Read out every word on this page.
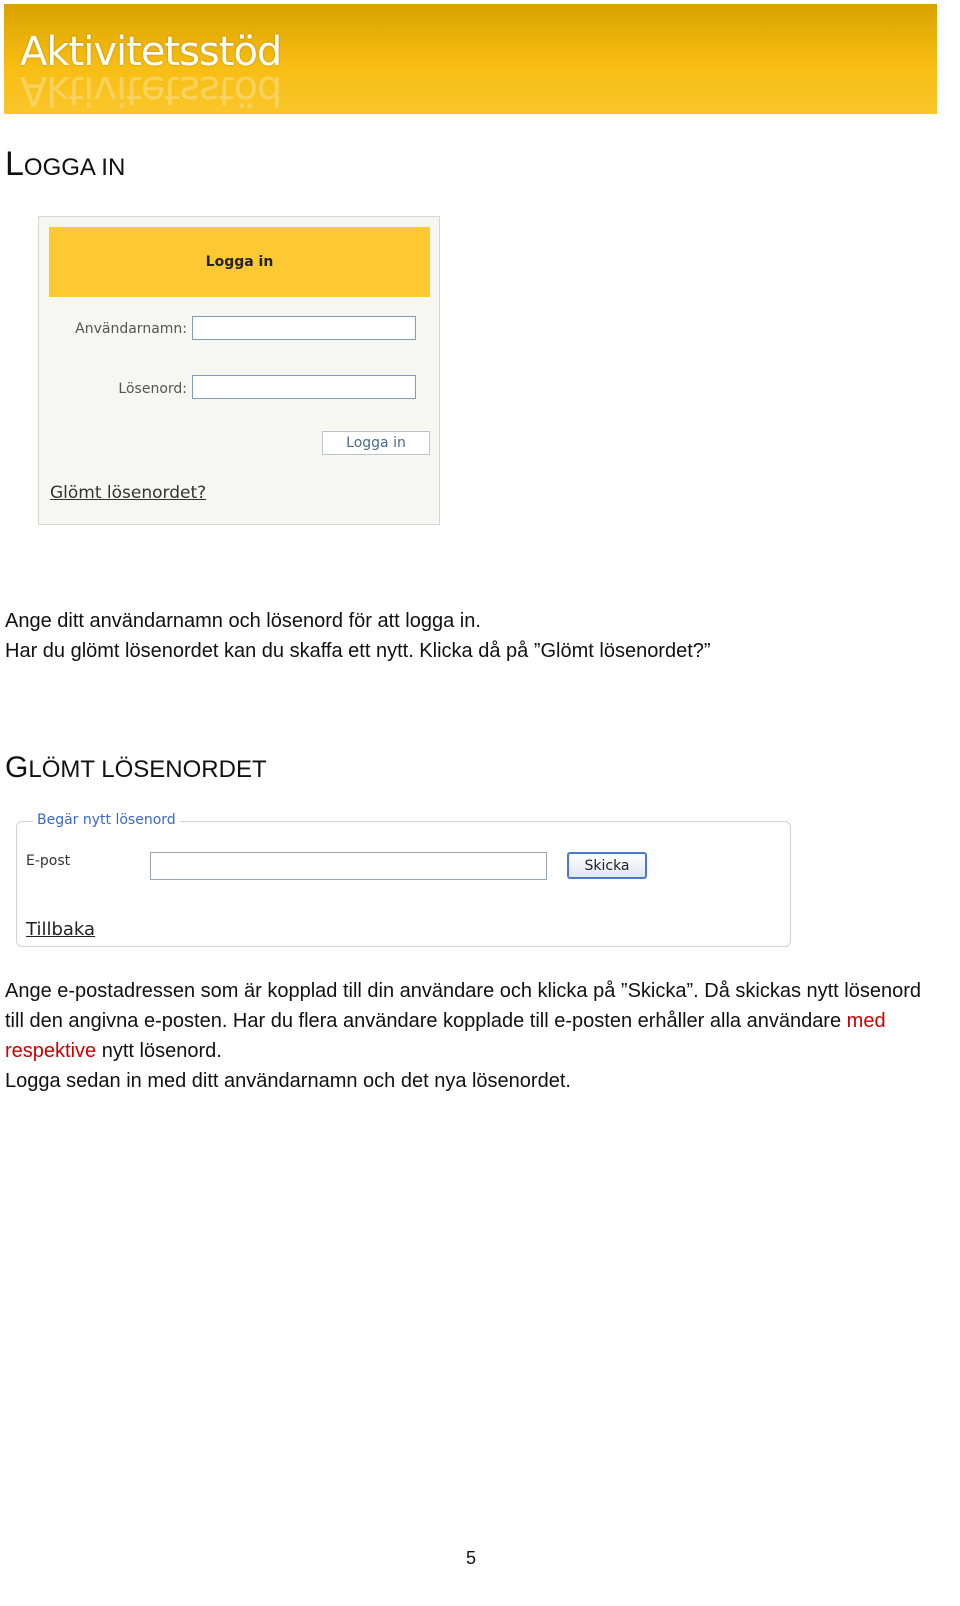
Aktivitetsstöd
Aktivitetsstöd
LOGGA IN
Logga in
Användarnamn:
Lösenord:
Logga in
Glömt lösenordet?

Ange ditt användarnamn och lösenord för att logga in.

Har du glömt lösenordet kan du skaffa ett nytt. Klicka då på ”Glömt lösenordet?”

GLÖMT LÖSENORDET
Begär nytt lösenord
E-post	Skicka
Tillbaka

Ange e-postadressen som är kopplad till din användare och klicka på ”Skicka”. Då skickas nytt lösenord till den angivna e-posten. Har du flera användare kopplade till e-posten erhåller alla användare med respektive nytt lösenord.

Logga sedan in med ditt användarnamn och det nya lösenordet.

5
